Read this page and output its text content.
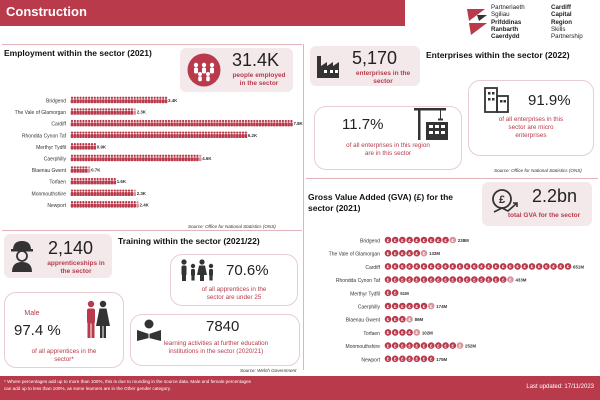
Construction	Partneriaeth
Sgiliau
Prifddinas
Ranbarth
Caerdydd
Cardiff
Capital
Region
Skills
Partnership
Employment within the sector (2021)	31.4K
people employed
in the sector
Bridgend	3.4K
The Vale of Glamorgan	2.3K
Cardiff	7.8K
Rhondda Cynon Taf	6.2K
Merthyr Tydfil	0.9K
Caerphilly	4.6K
Blaenau Gwent	0.7K
Torfaen	1.6K
Monmouthshire	2.3K
Newport	2.4K
Source: Office for National Statistics (ONS)
5,170
enterprises in the
sector
Enterprises within the sector (2022)
11.7%
of all enterprises in this region
are in this sector
91.9%
of all enterprises in this
sector are micro
enterprises
Source: Office for National Statistics (ONS)
Gross Value Added (GVA) (£) for the
sector (2021)
£ 2.2bn
total GVA for the sector
Bridgend £ £ £ £ £ £ £ £ £ £ 238M
The Vale of Glamorgan £ £ £ £ £ £ 133M
Cardiff £ £ £ £ £ £ £ £ £ £ £ £ £ £ £ £ £ £ £ £ £ £ £ £ £ £ 651M
Rhondda Cynon Taf £ £ £ £ £ £ £ £ £ £ £ £ £ £ £ £ £ £ 433M
Merthyr Tydfil £ £ 51M
Caerphilly £ £ £ £ £ £ £ 174M
Blaenau Gwent £ £ £ £ 86M
Torfaen £ £ £ £ £ 102M
Monmouthshire £ £ £ £ £ £ £ £ £ £ £ 252M
Newport £ £ £ £ £ £ £ 175M
2,140
apprenticeships in
the sector
Training within the sector (2021/22)
70.6%
of all apprentices in the
sector are under 25
Male
97.4 %
of all apprentices in the
sector*
7840
learning activities at further education
institutions in the sector (2020/21)
Source: Welsh Government
* Where percentages add up to more than 100%, this is due to rounding in the source data. Male and female percentages
can add up to less than 100%, as some learners are in the Other gender category.	Last updated: 17/11/2023
